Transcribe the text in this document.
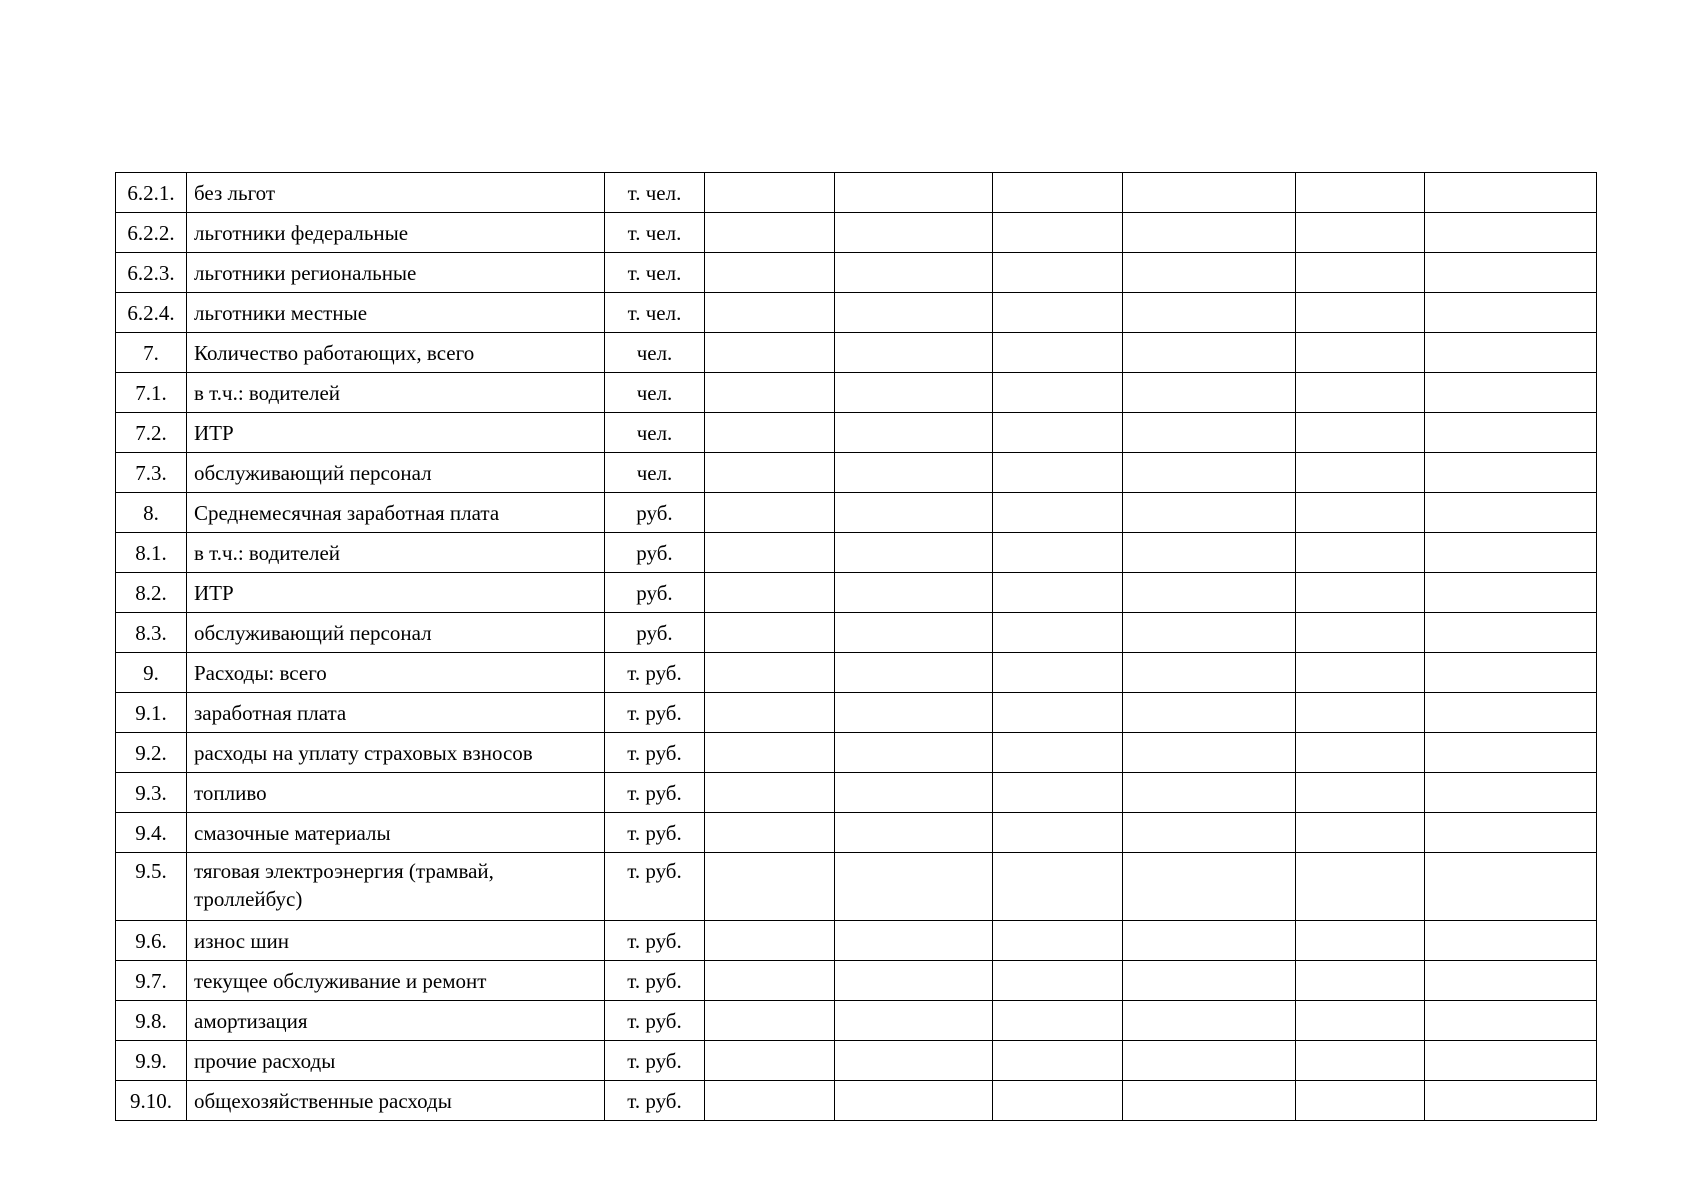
6.2.1.	без льгот	т. чел.						
6.2.2.	льготники федеральные	т. чел.						
6.2.3.	льготники региональные	т. чел.						
6.2.4.	льготники местные	т. чел.						
7.	Количество работающих, всего	чел.						
7.1.	в т.ч.: водителей	чел.						
7.2.	ИТР	чел.						
7.3.	обслуживающий персонал	чел.						
8.	Среднемесячная заработная плата	руб.						
8.1.	в т.ч.: водителей	руб.						
8.2.	ИТР	руб.						
8.3.	обслуживающий персонал	руб.						
9.	Расходы: всего	т. руб.						
9.1.	заработная плата	т. руб.						
9.2.	расходы на уплату страховых взносов	т. руб.						
9.3.	топливо	т. руб.						
9.4.	смазочные материалы	т. руб.						
9.5.	тяговая электроэнергия (трамвай, троллейбус)	т. руб.						
9.6.	износ шин	т. руб.						
9.7.	текущее обслуживание и ремонт	т. руб.						
9.8.	амортизация	т. руб.						
9.9.	прочие расходы	т. руб.						
9.10.	общехозяйственные расходы	т. руб.						
